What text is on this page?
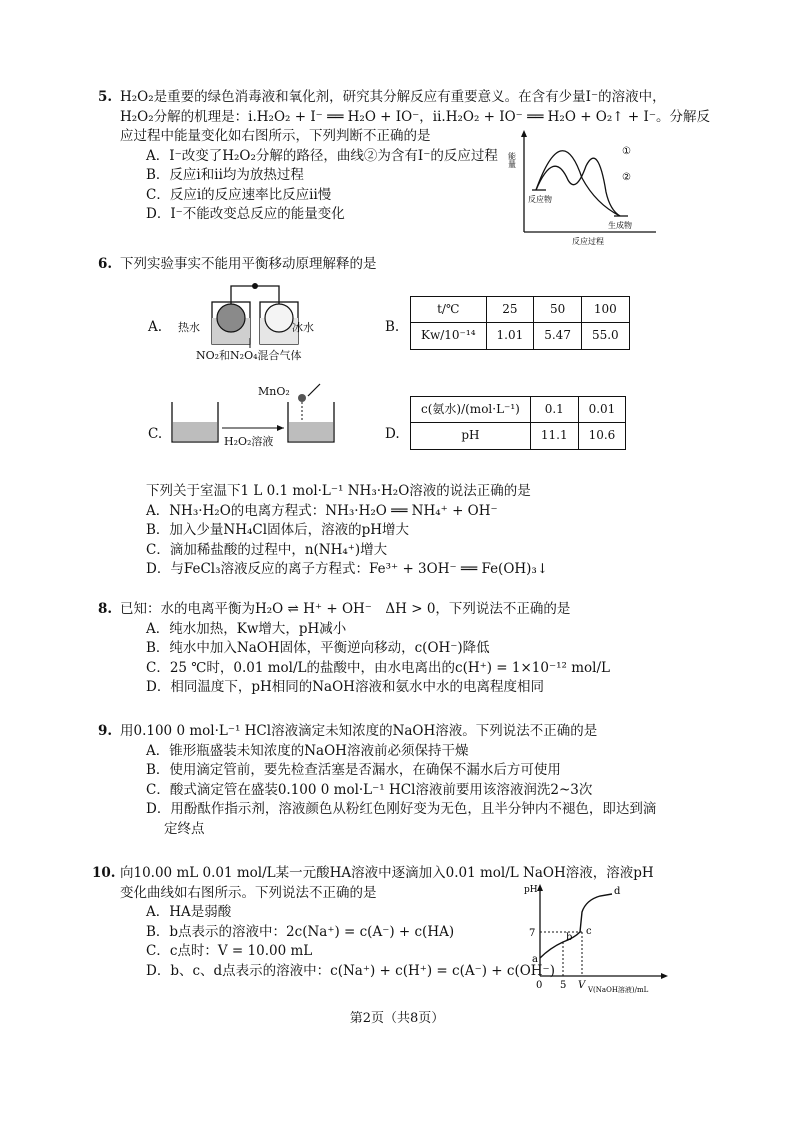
5. H₂O₂是重要的绿色消毒液和氧化剂，研究其分解反应有重要意义。在含有少量I⁻的溶液中，
H₂O₂分解的机理是：ⅰ.H₂O₂ + I⁻ ══ H₂O + IO⁻，ⅱ.H₂O₂ + IO⁻ ══ H₂O + O₂↑ + I⁻。分解反
应过程中能量变化如右图所示，下列判断不正确的是
A．I⁻改变了H₂O₂分解的路径，曲线②为含有I⁻的反应过程
B．反应ⅰ和ⅱ均为放热过程
C．反应ⅰ的反应速率比反应ⅱ慢
D．I⁻不能改变总反应的能量变化
能量
反应物
生成物
①
②
反应过程
6. 下列实验事实不能用平衡移动原理解释的是
A. 热水	冰水
NO₂和N₂O₄混合气体
B.
t/℃	25	50	100
Kw/10⁻¹⁴	1.01	5.47	55.0
C.
MnO₂
H₂O₂溶液	D.
c(氨水)/(mol·L⁻¹)	0.1	0.01
pH	11.1	10.6
下列关于室温下1 L 0.1 mol·L⁻¹ NH₃·H₂O溶液的说法正确的是
A．NH₃·H₂O的电离方程式：NH₃·H₂O ══ NH₄⁺ + OH⁻
B．加入少量NH₄Cl固体后，溶液的pH增大
C．滴加稀盐酸的过程中，n(NH₄⁺)增大
D．与FeCl₃溶液反应的离子方程式：Fe³⁺ + 3OH⁻ ══ Fe(OH)₃↓
8. 已知：水的电离平衡为H₂O ⇌ H⁺ + OH⁻　ΔH > 0，下列说法不正确的是
A．纯水加热，Kw增大，pH减小
B．纯水中加入NaOH固体，平衡逆向移动，c(OH⁻)降低
C．25 ℃时，0.01 mol/L的盐酸中，由水电离出的c(H⁺) = 1×10⁻¹² mol/L
D．相同温度下，pH相同的NaOH溶液和氨水中水的电离程度相同
9. 用0.100 0 mol·L⁻¹ HCl溶液滴定未知浓度的NaOH溶液。下列说法不正确的是
A．锥形瓶盛装未知浓度的NaOH溶液前必须保持干燥
B．使用滴定管前，要先检查活塞是否漏水，在确保不漏水后方可使用
C．酸式滴定管在盛装0.100 0 mol·L⁻¹ HCl溶液前要用该溶液润洗2~3次
D．用酚酞作指示剂，溶液颜色从粉红色刚好变为无色，且半分钟内不褪色，即达到滴
定终点
10. 向10.00 mL 0.01 mol/L某一元酸HA溶液中逐滴加入0.01 mol/L NaOH溶液，溶液pH
变化曲线如右图所示。下列说法不正确的是
A．HA是弱酸
B．b点表示的溶液中：2c(Na⁺) = c(A⁻) + c(HA)
C．c点时：V = 10.00 mL
D．b、c、d点表示的溶液中：c(Na⁺) + c(H⁺) = c(A⁻) + c(OH⁻)
pH
7
0 5 V V(NaOH溶液)/mL
a
b
c
d
第2页（共8页）
